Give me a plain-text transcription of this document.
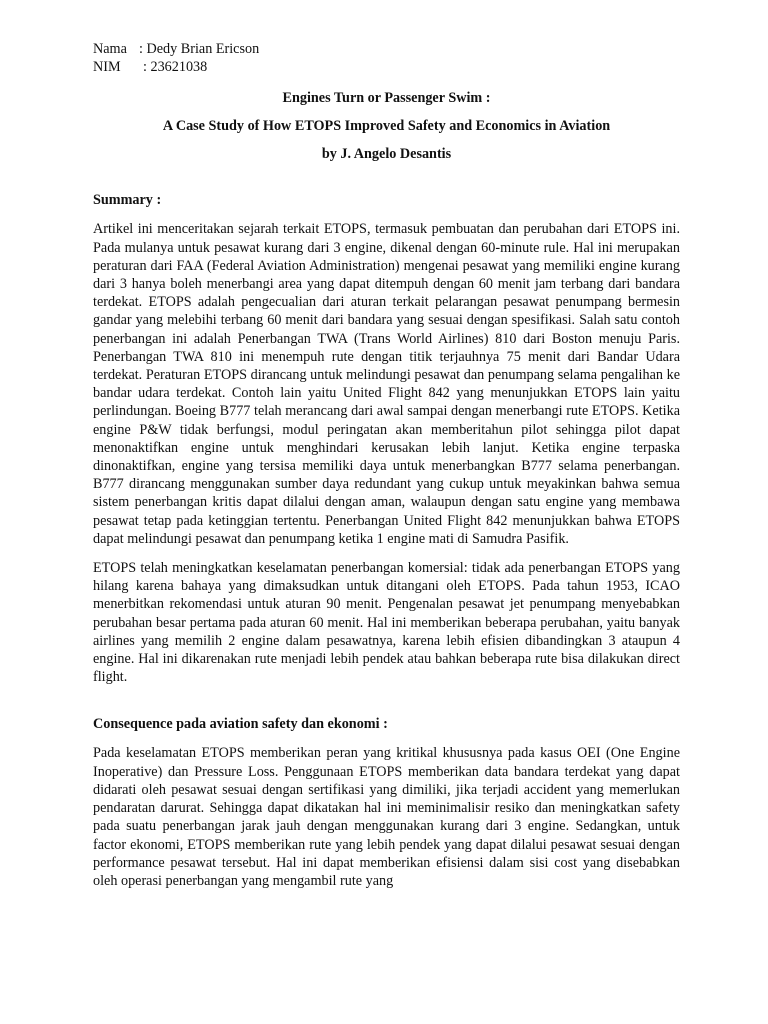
Nama : Dedy Brian Ericson
NIM	: 23621038
Engines Turn or Passenger Swim :
A Case Study of How ETOPS Improved Safety and Economics in Aviation
by J. Angelo Desantis
Summary :

Artikel ini menceritakan sejarah terkait ETOPS, termasuk pembuatan dan perubahan dari ETOPS ini. Pada mulanya untuk pesawat kurang dari 3 engine, dikenal dengan 60-minute rule. Hal ini merupakan peraturan dari FAA (Federal Aviation Administration) mengenai pesawat yang memiliki engine kurang dari 3 hanya boleh menerbangi area yang dapat ditempuh dengan 60 menit jam terbang dari bandara terdekat. ETOPS adalah pengecualian dari aturan terkait pelarangan pesawat penumpang bermesin gandar yang melebihi terbang 60 menit dari bandara yang sesuai dengan spesifikasi. Salah satu contoh penerbangan ini adalah Penerbangan TWA (Trans World Airlines) 810 dari Boston menuju Paris. Penerbangan TWA 810 ini menempuh rute dengan titik terjauhnya 75 menit dari Bandar Udara terdekat. Peraturan ETOPS dirancang untuk melindungi pesawat dan penumpang selama pengalihan ke bandar udara terdekat. Contoh lain yaitu United Flight 842 yang menunjukkan ETOPS lain yaitu perlindungan. Boeing B777 telah merancang dari awal sampai dengan menerbangi rute ETOPS. Ketika engine P&W tidak berfungsi, modul peringatan akan memberitahun pilot sehingga pilot dapat menonaktifkan engine untuk menghindari kerusakan lebih lanjut. Ketika engine terpaska dinonaktifkan, engine yang tersisa memiliki daya untuk menerbangkan B777 selama penerbangan. B777 dirancang menggunakan sumber daya redundant yang cukup untuk meyakinkan bahwa semua sistem penerbangan kritis dapat dilalui dengan aman, walaupun dengan satu engine yang membawa pesawat tetap pada ketinggian tertentu. Penerbangan United Flight 842 menunjukkan bahwa ETOPS dapat melindungi pesawat dan penumpang ketika 1 engine mati di Samudra Pasifik.

ETOPS telah meningkatkan keselamatan penerbangan komersial: tidak ada penerbangan ETOPS yang hilang karena bahaya yang dimaksudkan untuk ditangani oleh ETOPS. Pada tahun 1953, ICAO menerbitkan rekomendasi untuk aturan 90 menit. Pengenalan pesawat jet penumpang menyebabkan perubahan besar pertama pada aturan 60 menit. Hal ini memberikan beberapa perubahan, yaitu banyak airlines yang memilih 2 engine dalam pesawatnya, karena lebih efisien dibandingkan 3 ataupun 4 engine. Hal ini dikarenakan rute menjadi lebih pendek atau bahkan beberapa rute bisa dilakukan direct flight.

Consequence pada aviation safety dan ekonomi :

Pada keselamatan ETOPS memberikan peran yang kritikal khususnya pada kasus OEI (One Engine Inoperative) dan Pressure Loss. Penggunaan ETOPS memberikan data bandara terdekat yang dapat didarati oleh pesawat sesuai dengan sertifikasi yang dimiliki, jika terjadi accident yang memerlukan pendaratan darurat. Sehingga dapat dikatakan hal ini meminimalisir resiko dan meningkatkan safety pada suatu penerbangan jarak jauh dengan menggunakan kurang dari 3 engine. Sedangkan, untuk factor ekonomi, ETOPS memberikan rute yang lebih pendek yang dapat dilalui pesawat sesuai dengan performance pesawat tersebut. Hal ini dapat memberikan efisiensi dalam sisi cost yang disebabkan oleh operasi penerbangan yang mengambil rute yang
